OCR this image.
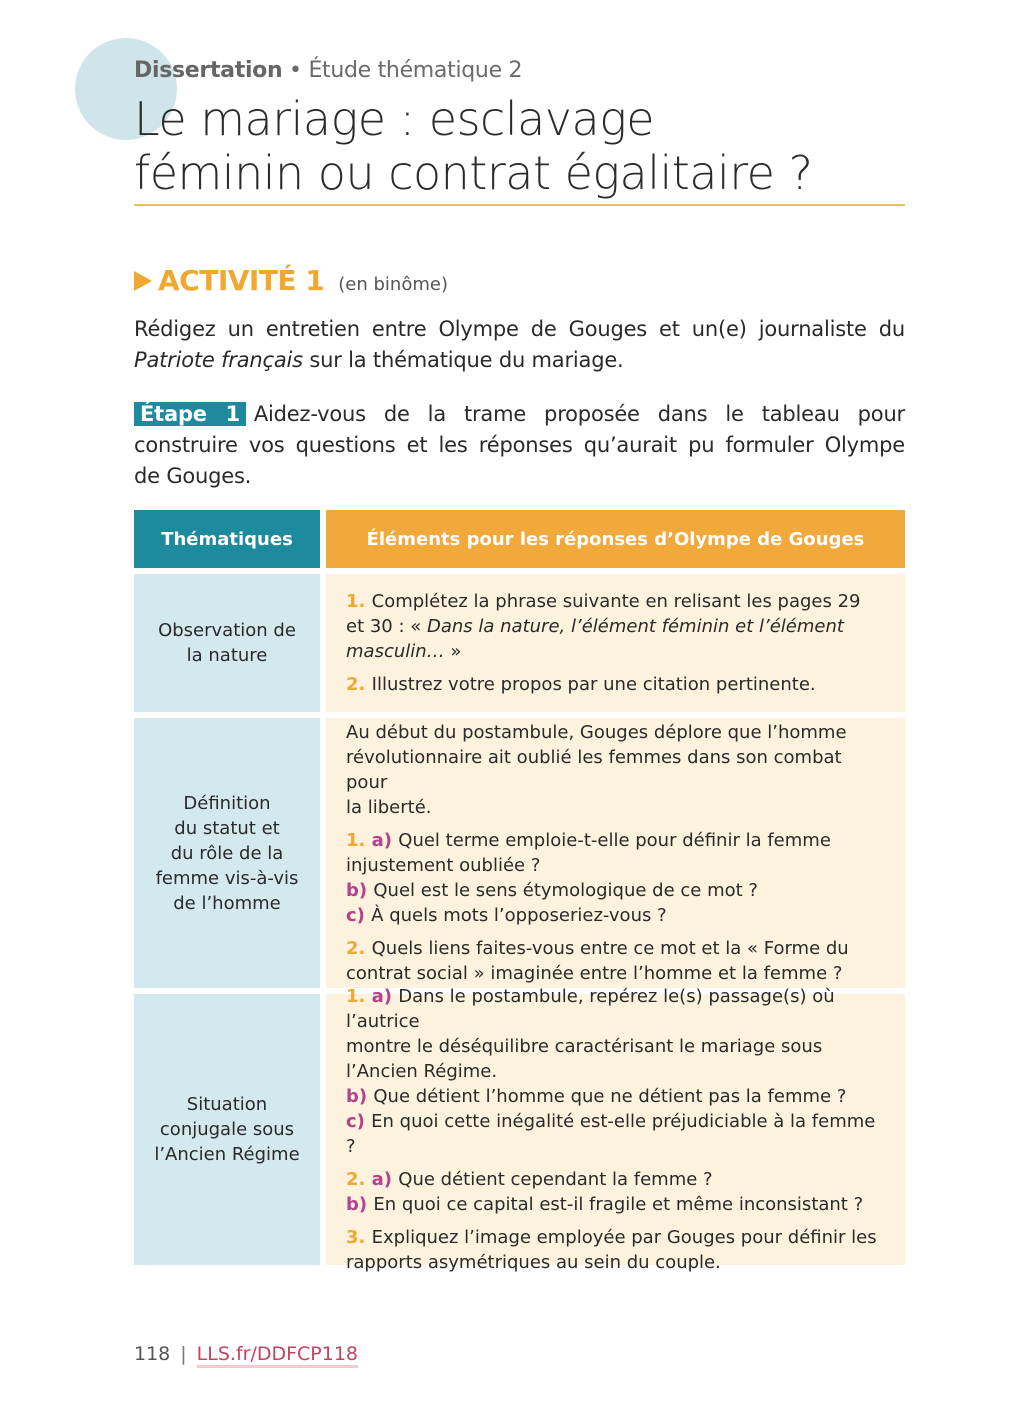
Dissertation • Étude thématique 2
Le mariage : esclavage
féminin ou contrat égalitaire ?
ACTIVITÉ 1 (en binôme)
Rédigez un entretien entre Olympe de Gouges et un(e) journaliste du
Patriote français sur la thématique du mariage.
Étape 1 Aidez-vous de la trame proposée dans le tableau pour
construire vos questions et les réponses qu’aurait pu formuler Olympe
de Gouges.
Thématiques	Éléments pour les réponses d’Olympe de Gouges
Observation de
la nature
1. Complétez la phrase suivante en relisant les pages 29
et 30 : « Dans la nature, l’élément féminin et l’élément
masculin… »
2. Illustrez votre propos par une citation pertinente.
Définition
du statut et
du rôle de la
femme vis-à-vis
de l’homme
Au début du postambule, Gouges déplore que l’homme
révolutionnaire ait oublié les femmes dans son combat pour
la liberté.
1. a) Quel terme emploie-t-elle pour définir la femme
injustement oubliée ?
b) Quel est le sens étymologique de ce mot ?
c) À quels mots l’opposeriez-vous ?
2. Quels liens faites-vous entre ce mot et la « Forme du
contrat social » imaginée entre l’homme et la femme ?
Situation
conjugale sous
l’Ancien Régime
1. a) Dans le postambule, repérez le(s) passage(s) où l’autrice
montre le déséquilibre caractérisant le mariage sous
l’Ancien Régime.
b) Que détient l’homme que ne détient pas la femme ?
c) En quoi cette inégalité est-elle préjudiciable à la femme ?
2. a) Que détient cependant la femme ?
b) En quoi ce capital est-il fragile et même inconsistant ?
3. Expliquez l’image employée par Gouges pour définir les
rapports asymétriques au sein du couple.
118 | LLS.fr/DDFCP118
